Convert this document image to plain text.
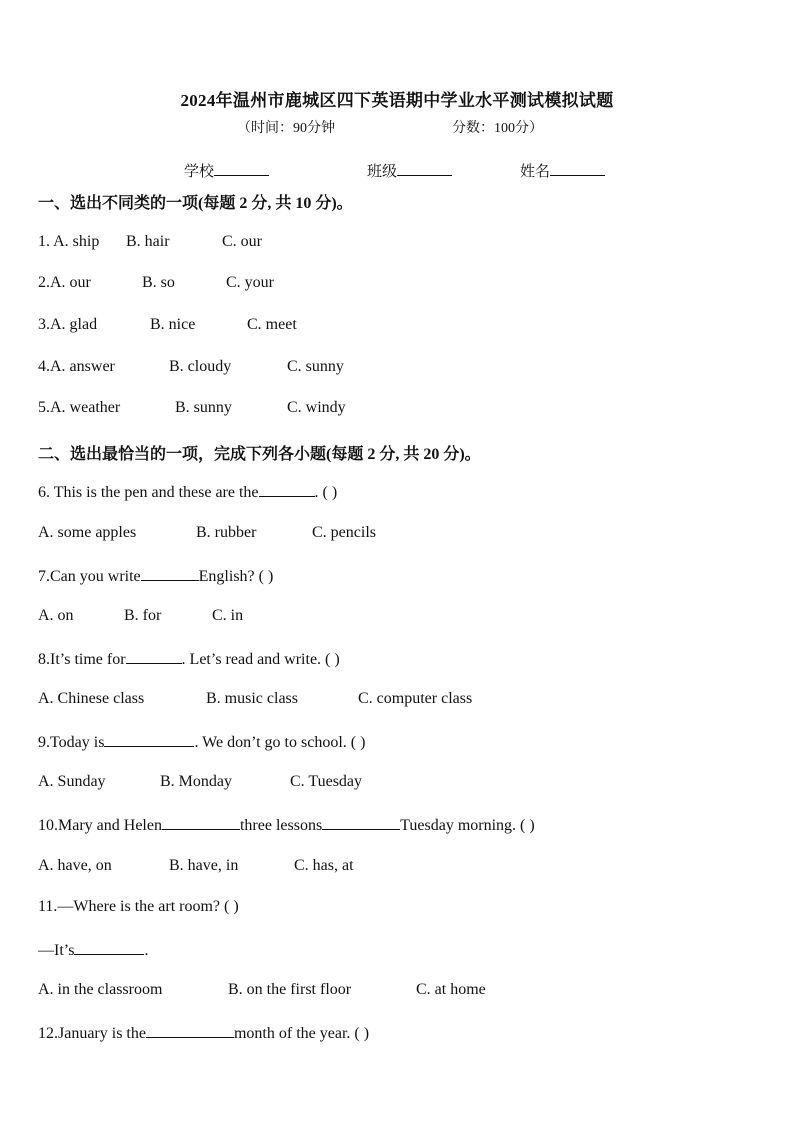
2024年温州市鹿城区四下英语期中学业水平测试模拟试题
（时间：90分钟	分数：100分）
学校	班级	姓名
一、选出不同类的一项(每题 2 分, 共 10 分)。
1. A. ship B. hair	C. our
2.A. our	B. so	C. your
3.A. glad	B. nice	C. meet
4.A. answer	B. cloudy	C. sunny
5.A. weather	B. sunny	C. windy
二、选出最恰当的一项，完成下列各小题(每题 2 分, 共 20 分)。
6. This is the pen and these are the	. ( )
A. some apples	B. rubber	C. pencils
7.Can you write	English? ( )
A. on	B. for	C. in
8.It’s time for	. Let’s read and write. ( )
A. Chinese class	B. music class	C. computer class
9.Today is	. We don’t go to school. ( )
A. Sunday	B. Monday	C. Tuesday
10.Mary and Helen	three lessons	Tuesday morning. ( )
A. have, on	B. have, in	C. has, at
11.—Where is the art room? ( )
—It’s	.
A. in the classroom	B. on the first floor	C. at home
12.January is the	month of the year. ( )
